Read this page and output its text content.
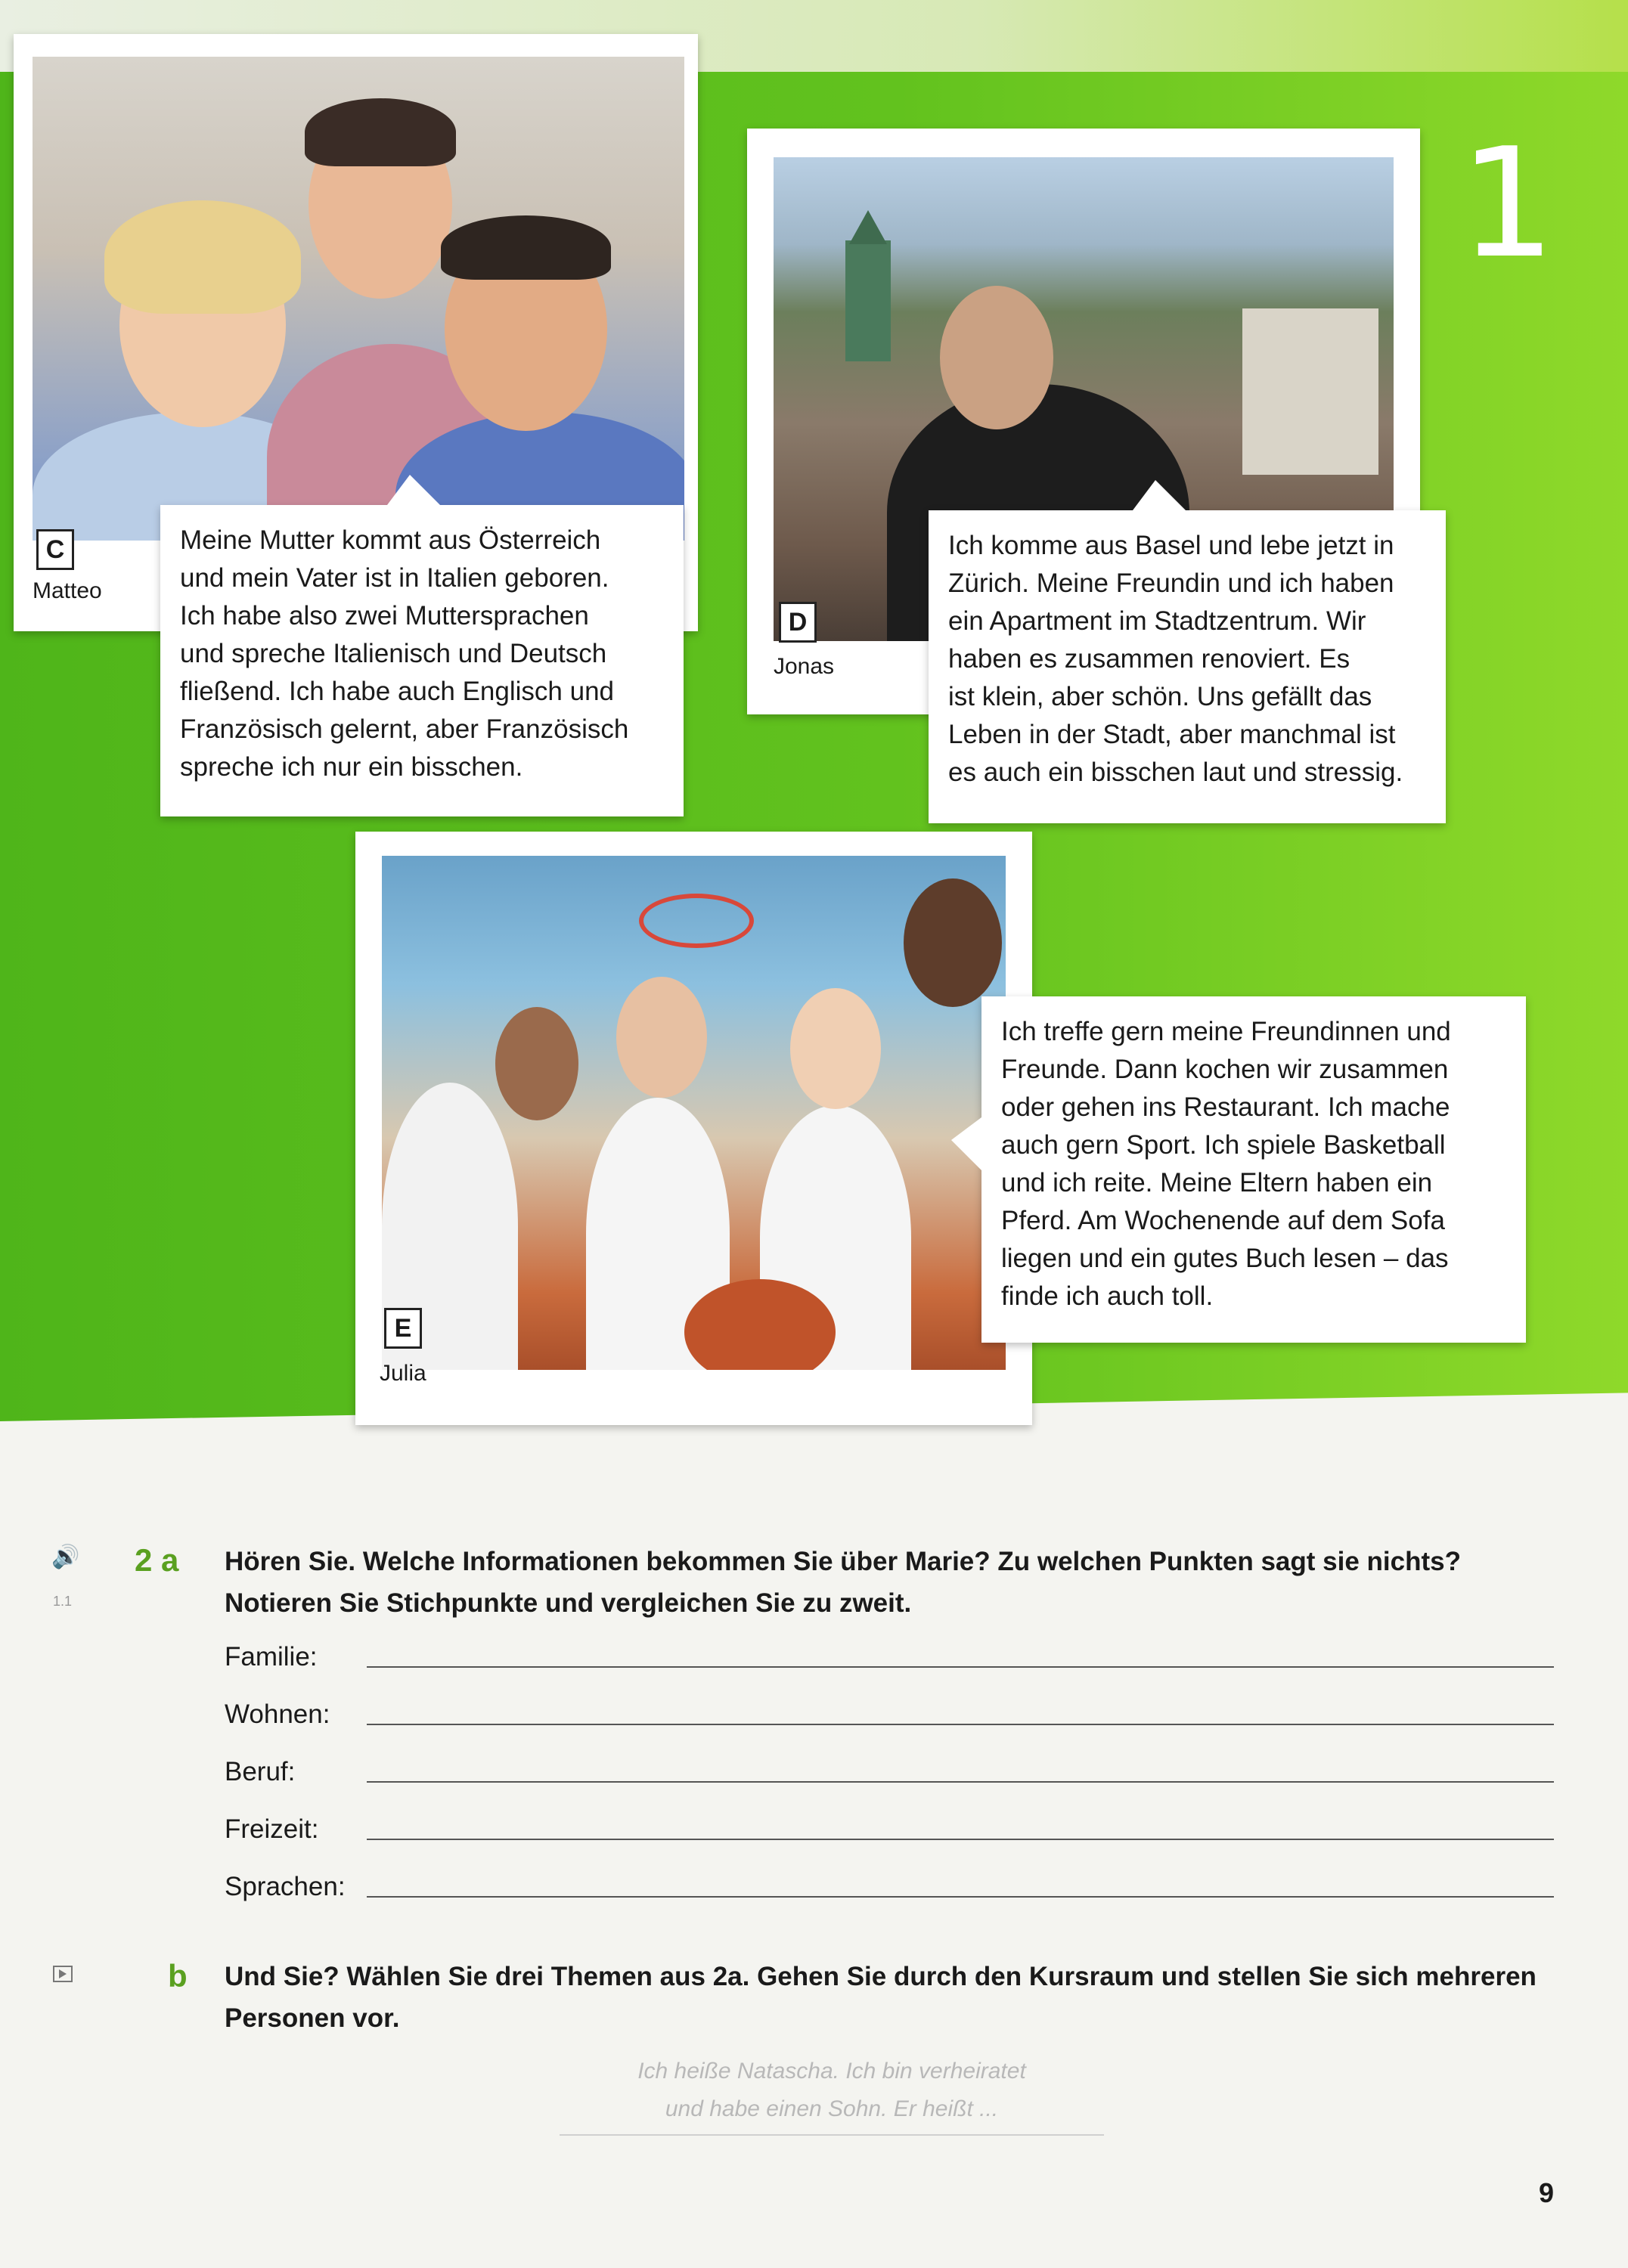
1
C
Matteo
Meine Mutter kommt aus Österreich
und mein Vater ist in Italien geboren.
Ich habe also zwei Muttersprachen
und spreche Italienisch und Deutsch
fließend. Ich habe auch Englisch und
Französisch gelernt, aber Französisch
spreche ich nur ein bisschen.
D
Jonas
Ich komme aus Basel und lebe jetzt in
Zürich. Meine Freundin und ich haben
ein Apartment im Stadtzentrum. Wir
haben es zusammen renoviert. Es
ist klein, aber schön. Uns gefällt das
Leben in der Stadt, aber manchmal ist
es auch ein bisschen laut und stressig.
E
Julia
Ich treffe gern meine Freundinnen und
Freunde. Dann kochen wir zusammen
oder gehen ins Restaurant. Ich mache
auch gern Sport. Ich spiele Basketball
und ich reite. Meine Eltern haben ein
Pferd. Am Wochenende auf dem Sofa
liegen und ein gutes Buch lesen – das
finde ich auch toll.
🔊
1.1
2 a Hören Sie. Welche Informationen bekommen Sie über Marie? Zu welchen Punkten sagt sie nichts?
Notieren Sie Stichpunkte und vergleichen Sie zu zweit.
Familie:
Wohnen:
Beruf:
Freizeit:
Sprachen:
b Und Sie? Wählen Sie drei Themen aus 2a. Gehen Sie durch den Kursraum und stellen Sie sich mehreren
Personen vor.
Ich heiße Natascha. Ich bin verheiratet
und habe einen Sohn. Er heißt ...
9
